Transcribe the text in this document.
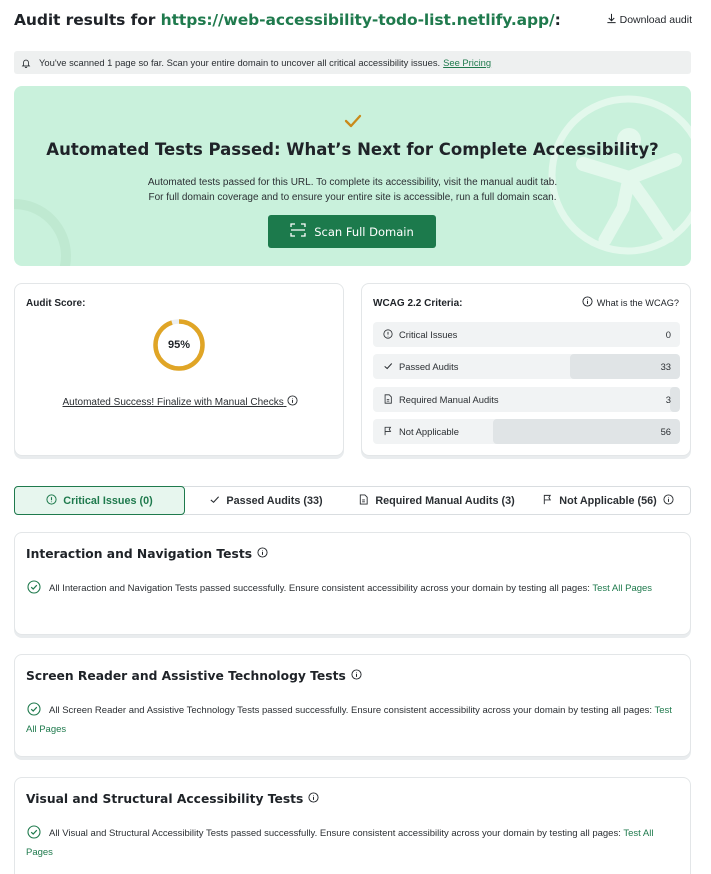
Audit results for https://web-accessibility-todo-list.netlify.app/:	Download audit
You've scanned 1 page so far. Scan your entire domain to uncover all critical accessibility issues. See Pricing
Automated Tests Passed: What’s Next for Complete Accessibility?
Automated tests passed for this URL. To complete its accessibility, visit the manual audit tab.
For full domain coverage and to ensure your entire site is accessible, run a full domain scan.
Scan Full Domain
Audit Score:
95%
Automated Success! Finalize with Manual Checks
WCAG 2.2 Criteria:	What is the WCAG?
Critical Issues	0
Passed Audits	33
Required Manual Audits	3
Not Applicable	56
Critical Issues (0)	Passed Audits (33)	Required Manual Audits (3)	Not Applicable (56)
Interaction and Navigation Tests
All Interaction and Navigation Tests passed successfully. Ensure consistent accessibility across your domain by testing all pages: Test All Pages
Screen Reader and Assistive Technology Tests
All Screen Reader and Assistive Technology Tests passed successfully. Ensure consistent accessibility across your domain by testing all pages: Test All Pages
Visual and Structural Accessibility Tests
All Visual and Structural Accessibility Tests passed successfully. Ensure consistent accessibility across your domain by testing all pages: Test All Pages
